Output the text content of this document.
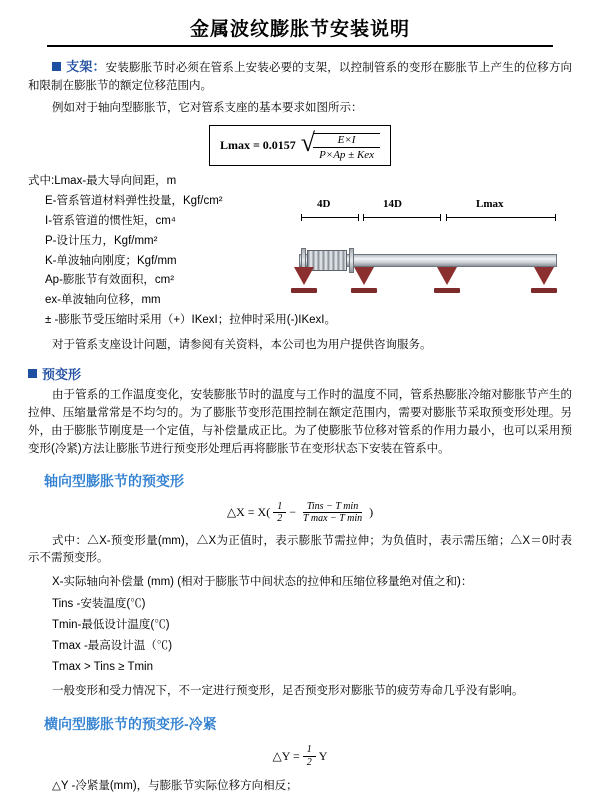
金属波纹膨胀节安装说明

支架：安装膨胀节时必须在管系上安装必要的支架，以控制管系的变形在膨胀节上产生的位移方向和限制在膨胀节的额定位移范围内。

例如对于轴向型膨胀节，它对管系支座的基本要求如图所示：

Lmax = 0.0157 √
$\frac{E\times I}{\text{P×Ap ± Kex}}$
式中:Lmax-最大导向间距，m
E-管系管道材料弹性投量，Kgf/cm²
I-管系管道的惯性矩，cm⁴
P-设计压力，Kgf/mm²
K-单波轴向刚度；Kgf/mm
Ap-膨胀节有效面积，cm²
ex-单波轴向位移，mm
± -膨胀节受压缩时采用（+）IKexI；拉伸时采用(-)IKexI。
4D	14D	Lmax

对于管系支座设计问题，请参阅有关资料，本公司也为用户提供咨询服务。

预变形

由于管系的工作温度变化，安装膨胀节时的温度与工作时的温度不同，管系热膨胀冷缩对膨胀节产生的拉伸、压缩量常常是不均匀的。为了膨胀节变形范围控制在额定范围内，需要对膨胀节采取预变形处理。另外，由于膨胀节刚度是一个定值，与补偿量成正比。为了使膨胀节位移对管系的作用力最小，也可以采用预变形(冷紧)方法让膨胀节进行预变形处理后再将膨胀节在变形状态下安装在管系中。

轴向型膨胀节的预变形
△X = $X( \frac{1}{2}$ −	Tins − T min
T max − T min )

式中：△X-预变形量(mm)，△X为正值时，表示膨胀节需拉伸；为负值时，表示需压缩；△X＝0时表示不需预变形。

X-实际轴向补偿量 (mm) (相对于膨胀节中间状态的拉伸和压缩位移量绝对值之和)：
Tins -安装温度(℃)
Tmin-最低设计温度(℃)
Tmax -最高设计温（℃)
Tmax > Tins ≥ Tmin

一般变形和受力情况下，不一定进行预变形，足否预变形对膨胀节的疲劳寿命几乎没有影响。

横向型膨胀节的预变形-冷紧
△Y = $\frac{1}{2}$ Y
△Y -冷紧量(mm)，与膨胀节实际位移方向相反；
